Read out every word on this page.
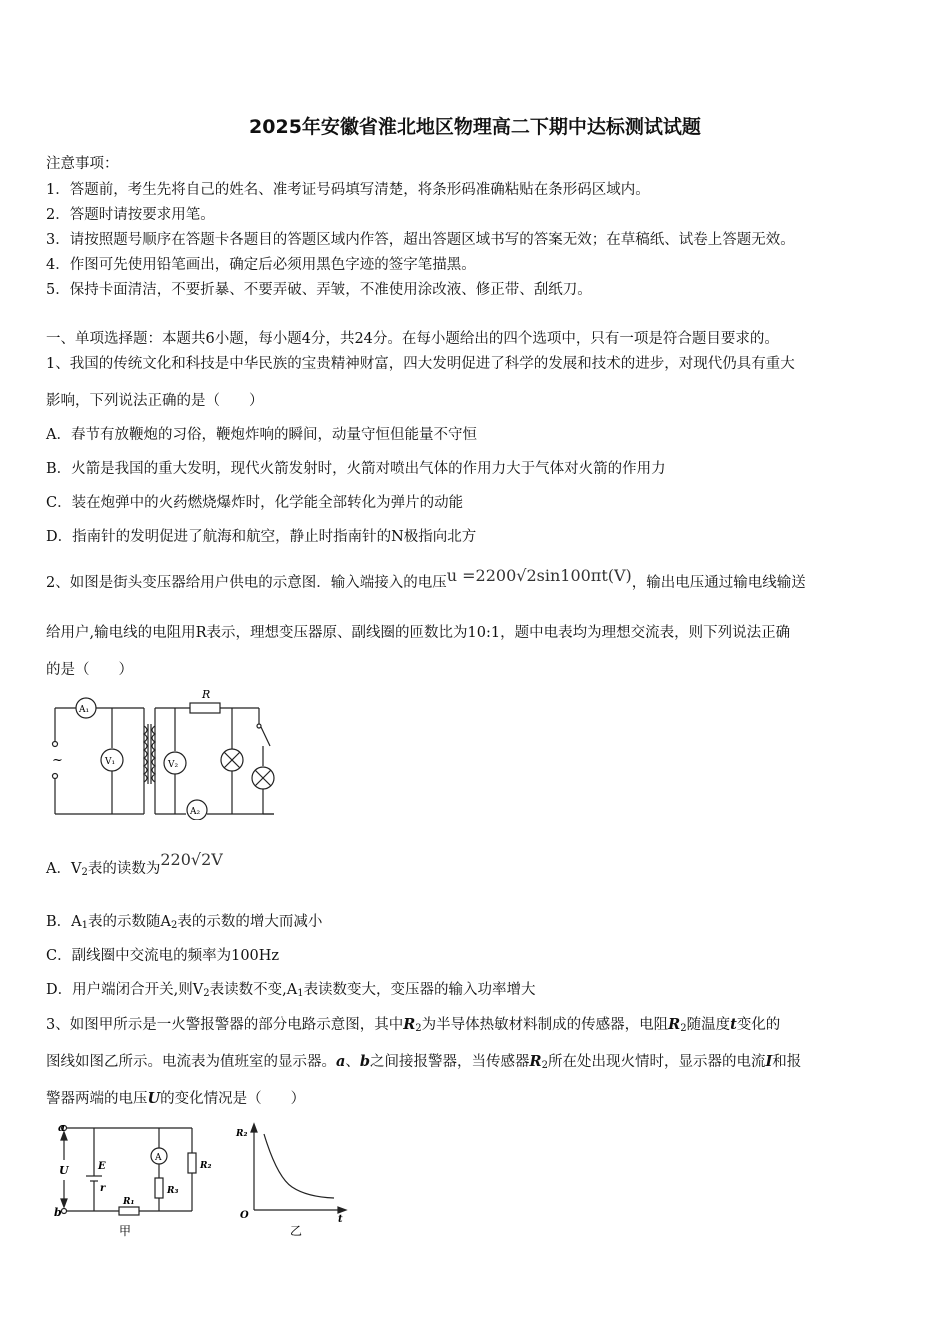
2025年安徽省淮北地区物理高二下期中达标测试试题
注意事项：
1．答题前，考生先将自己的姓名、准考证号码填写清楚，将条形码准确粘贴在条形码区域内。
2．答题时请按要求用笔。
3．请按照题号顺序在答题卡各题目的答题区域内作答，超出答题区域书写的答案无效；在草稿纸、试卷上答题无效。
4．作图可先使用铅笔画出，确定后必须用黑色字迹的签字笔描黑。
5．保持卡面清洁，不要折暴、不要弄破、弄皱，不准使用涂改液、修正带、刮纸刀。
一、单项选择题：本题共6小题，每小题4分，共24分。在每小题给出的四个选项中，只有一项是符合题目要求的。
1、我国的传统文化和科技是中华民族的宝贵精神财富，四大发明促进了科学的发展和技术的进步，对现代仍具有重大
影响，下列说法正确的是（　　）
A．春节有放鞭炮的习俗，鞭炮炸响的瞬间，动量守恒但能量不守恒
B．火箭是我国的重大发明，现代火箭发射时，火箭对喷出气体的作用力大于气体对火箭的作用力
C．装在炮弹中的火药燃烧爆炸时，化学能全部转化为弹片的动能
D．指南针的发明促进了航海和航空，静止时指南针的N极指向北方
2、如图是街头变压器给用户供电的示意图．输入端接入的电压u =2200√2sin100πt(V)，输出电压通过输电线输送
给用户,输电线的电阻用R表示，理想变压器原、副线圈的匝数比为10:1，题中电表均为理想交流表，则下列说法正确
的是（　　）
~
A₁
V₁	V₂
A₂
R
A．$V_2$表的读数为220√2V
B．$A_1$表的示数随$A_2$表的示数的增大而减小
C．副线圈中交流电的频率为100Hz
D．用户端闭合开关,则$V_2$表读数不变$,A_1$表读数变大，变压器的输入功率增大
3、如图甲所示是一火警报警器的部分电路示意图，其中$R_2$为半导体热敏材料制成的传感器，电阻$R_2$随温度t变化的
图线如图乙所示。电流表为值班室的显示器。a、b之间接报警器，当传感器$R_2$所在处出现火情时，显示器的电流I和报
警器两端的电压U的变化情况是（　　）
a
b
U	E
r
R₁
R₃
R₂
A
甲
R₂
O	t
乙
